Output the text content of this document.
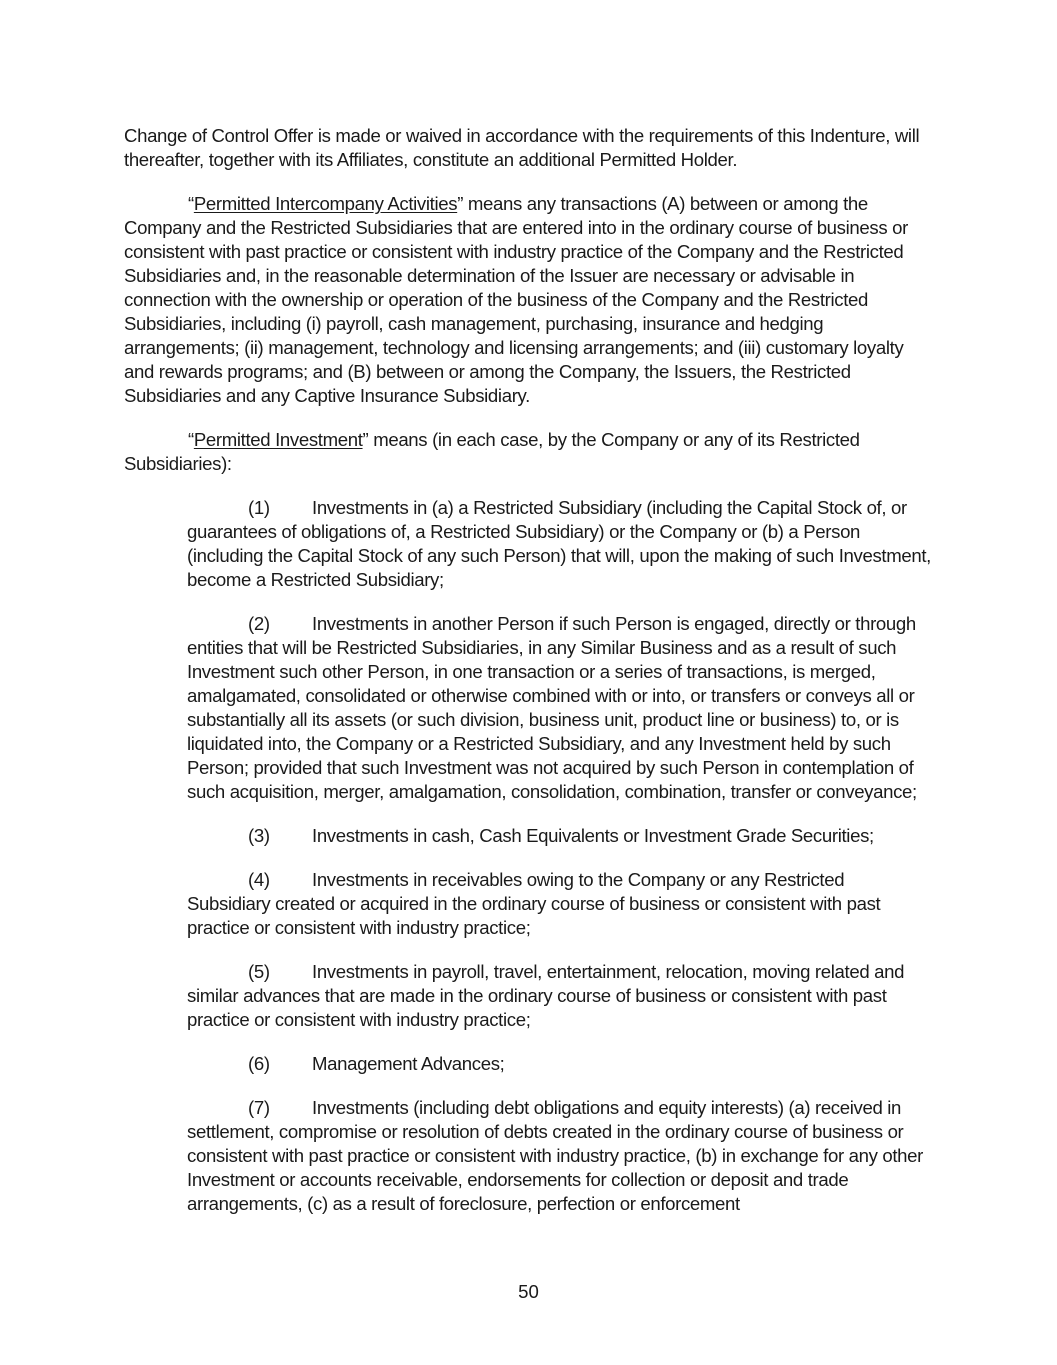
Change of Control Offer is made or waived in accordance with the requirements of this Indenture, will thereafter, together with its Affiliates, constitute an additional Permitted Holder.

“Permitted Intercompany Activities” means any transactions (A) between or among the Company and the Restricted Subsidiaries that are entered into in the ordinary course of business or consistent with past practice or consistent with industry practice of the Company and the Restricted Subsidiaries and, in the reasonable determination of the Issuer are necessary or advisable in connection with the ownership or operation of the business of the Company and the Restricted Subsidiaries, including (i) payroll, cash management, purchasing, insurance and hedging arrangements; (ii) management, technology and licensing arrangements; and (iii) customary loyalty and rewards programs; and (B) between or among the Company, the Issuers, the Restricted Subsidiaries and any Captive Insurance Subsidiary.

“Permitted Investment” means (in each case, by the Company or any of its Restricted Subsidiaries):

(1) Investments in (a) a Restricted Subsidiary (including the Capital Stock of, or guarantees of obligations of, a Restricted Subsidiary) or the Company or (b) a Person (including the Capital Stock of any such Person) that will, upon the making of such Investment, become a Restricted Subsidiary;

(2) Investments in another Person if such Person is engaged, directly or through entities that will be Restricted Subsidiaries, in any Similar Business and as a result of such Investment such other Person, in one transaction or a series of transactions, is merged, amalgamated, consolidated or otherwise combined with or into, or transfers or conveys all or substantially all its assets (or such division, business unit, product line or business) to, or is liquidated into, the Company or a Restricted Subsidiary, and any Investment held by such Person; provided that such Investment was not acquired by such Person in contemplation of such acquisition, merger, amalgamation, consolidation, combination, transfer or conveyance;

(3) Investments in cash, Cash Equivalents or Investment Grade Securities;

(4) Investments in receivables owing to the Company or any Restricted Subsidiary created or acquired in the ordinary course of business or consistent with past practice or consistent with industry practice;

(5) Investments in payroll, travel, entertainment, relocation, moving related and similar advances that are made in the ordinary course of business or consistent with past practice or consistent with industry practice;

(6) Management Advances;

(7) Investments (including debt obligations and equity interests) (a) received in settlement, compromise or resolution of debts created in the ordinary course of business or consistent with past practice or consistent with industry practice, (b) in exchange for any other Investment or accounts receivable, endorsements for collection or deposit and trade arrangements, (c) as a result of foreclosure, perfection or enforcement

50
